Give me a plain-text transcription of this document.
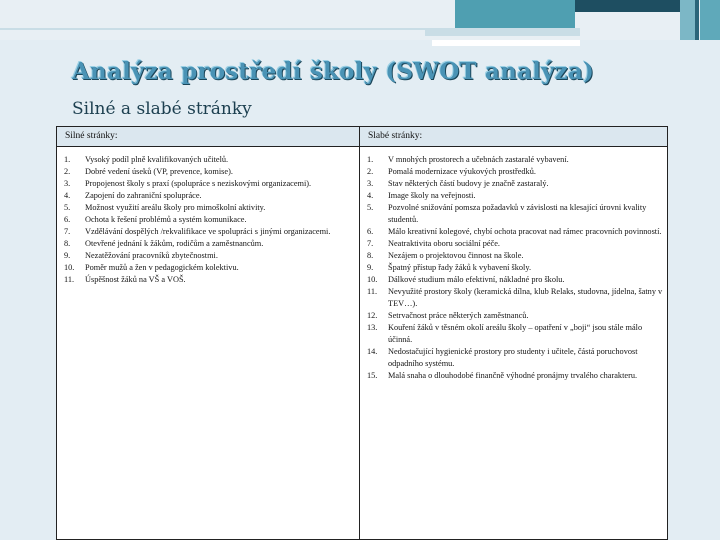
Analýza prostředí školy (SWOT analýza)
Silné a slabé stránky
Silné stránky:
1.	Vysoký podíl plně kvalifikovaných učitelů.
2.	Dobré vedení úseků (VP, prevence, komise).
3.	Propojenost školy s praxí (spolupráce s neziskovými organizacemi).
4.	Zapojení do zahraniční spolupráce.
5.	Možnost využití areálu školy pro mimoškolní aktivity.
6.	Ochota k řešení problémů a systém komunikace.
7.	Vzdělávání dospělých /rekvalifikace ve spolupráci s jinými organizacemi.
8.	Otevřené jednání k žákům, rodičům a zaměstnancům.
9.	Nezatěžování pracovníků zbytečnostmi.
10.	Poměr mužů a žen v pedagogickém kolektivu.
11.	Úspěšnost žáků na VŠ a VOŠ.
Slabé stránky:
1.	V mnohých prostorech a učebnách zastaralé vybavení.
2.	Pomalá modernizace výukových prostředků.
3.	Stav některých částí budovy je značně zastaralý.
4.	Image školy na veřejnosti.
5.	Pozvolné snižování pomsza požadavků v závislosti na klesající úrovni kvality studentů.
6.	Málo kreativní kolegové, chybí ochota pracovat nad rámec pracovních povinností.
7.	Neatraktivita oboru sociální péče.
8.	Nezájem o projektovou činnost na škole.
9.	Špatný přístup řady žáků k vybavení školy.
10.	Dálkové studium málo efektivní, nákladné pro školu.
11.	Nevyužité prostory školy (keramická dílna, klub Relaks, studovna, jídelna, šatny v TEV…).
12.	Setrvačnost práce některých zaměstnanců.
13.	Kouření žáků v těsném okolí areálu školy – opatření v „boji“ jsou stále málo účinná.
14.	Nedostačující hygienické prostory pro studenty i učitele, částá poruchovost odpadního systému.
15.	Malá snaha o dlouhodobé finančně výhodné pronájmy trvalého charakteru.
